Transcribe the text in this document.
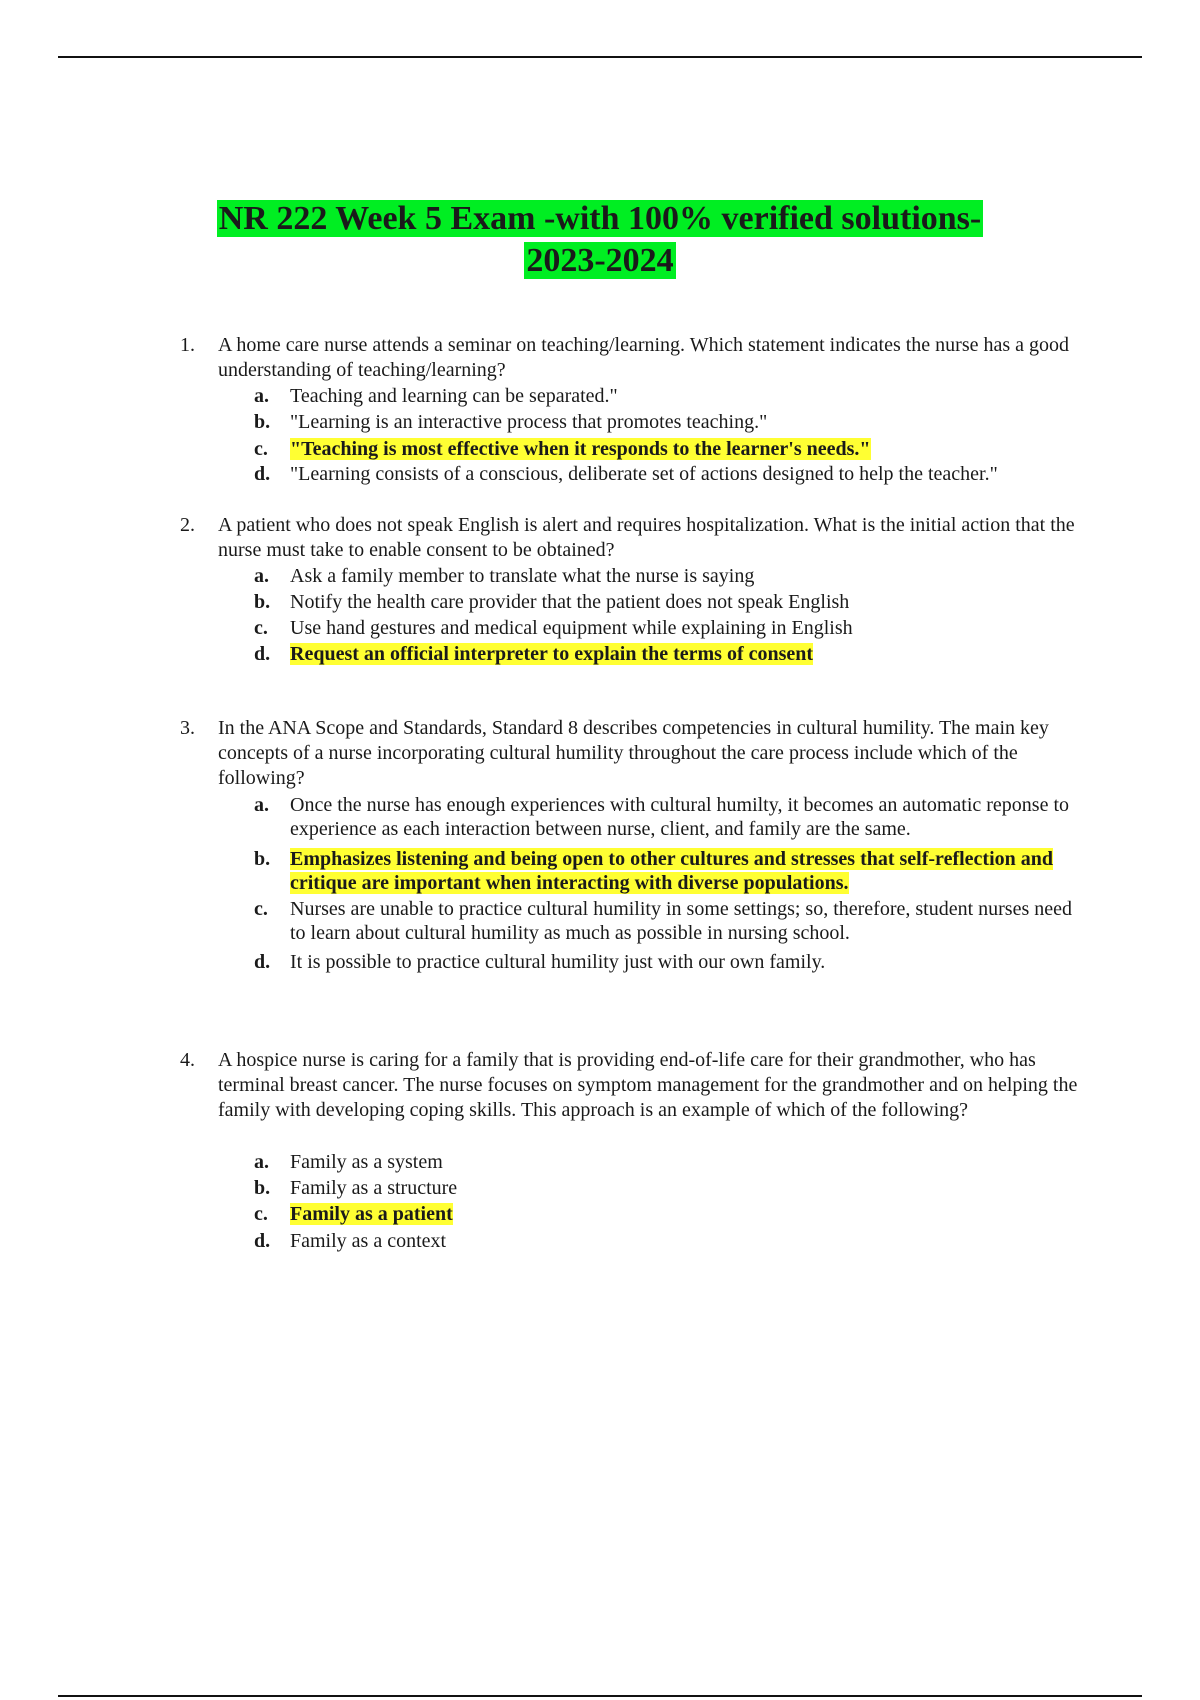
NR 222 Week 5 Exam -with 100% verified solutions-
2023-2024
1. A home care nurse attends a seminar on teaching/learning. Which statement indicates the nurse has a good understanding of teaching/learning?
a. Teaching and learning can be separated."
b. "Learning is an interactive process that promotes teaching."
c. "Teaching is most effective when it responds to the learner's needs."
d. "Learning consists of a conscious, deliberate set of actions designed to help the teacher."
2. A patient who does not speak English is alert and requires hospitalization. What is the initial action that the nurse must take to enable consent to be obtained?
a. Ask a family member to translate what the nurse is saying
b. Notify the health care provider that the patient does not speak English
c. Use hand gestures and medical equipment while explaining in English
d. Request an official interpreter to explain the terms of consent
3. In the ANA Scope and Standards, Standard 8 describes competencies in cultural humility. The main key concepts of a nurse incorporating cultural humility throughout the care process include which of the following?
a. Once the nurse has enough experiences with cultural humilty, it becomes an automatic reponse to experience as each interaction between nurse, client, and family are the same.
b. Emphasizes listening and being open to other cultures and stresses that self-reflection and critique are important when interacting with diverse populations.
c. Nurses are unable to practice cultural humility in some settings; so, therefore, student nurses need to learn about cultural humility as much as possible in nursing school.
d. It is possible to practice cultural humility just with our own family.
4. A hospice nurse is caring for a family that is providing end-of-life care for their grandmother, who has terminal breast cancer. The nurse focuses on symptom management for the grandmother and on helping the family with developing coping skills. This approach is an example of which of the following?
a. Family as a system
b. Family as a structure
c. Family as a patient
d. Family as a context
